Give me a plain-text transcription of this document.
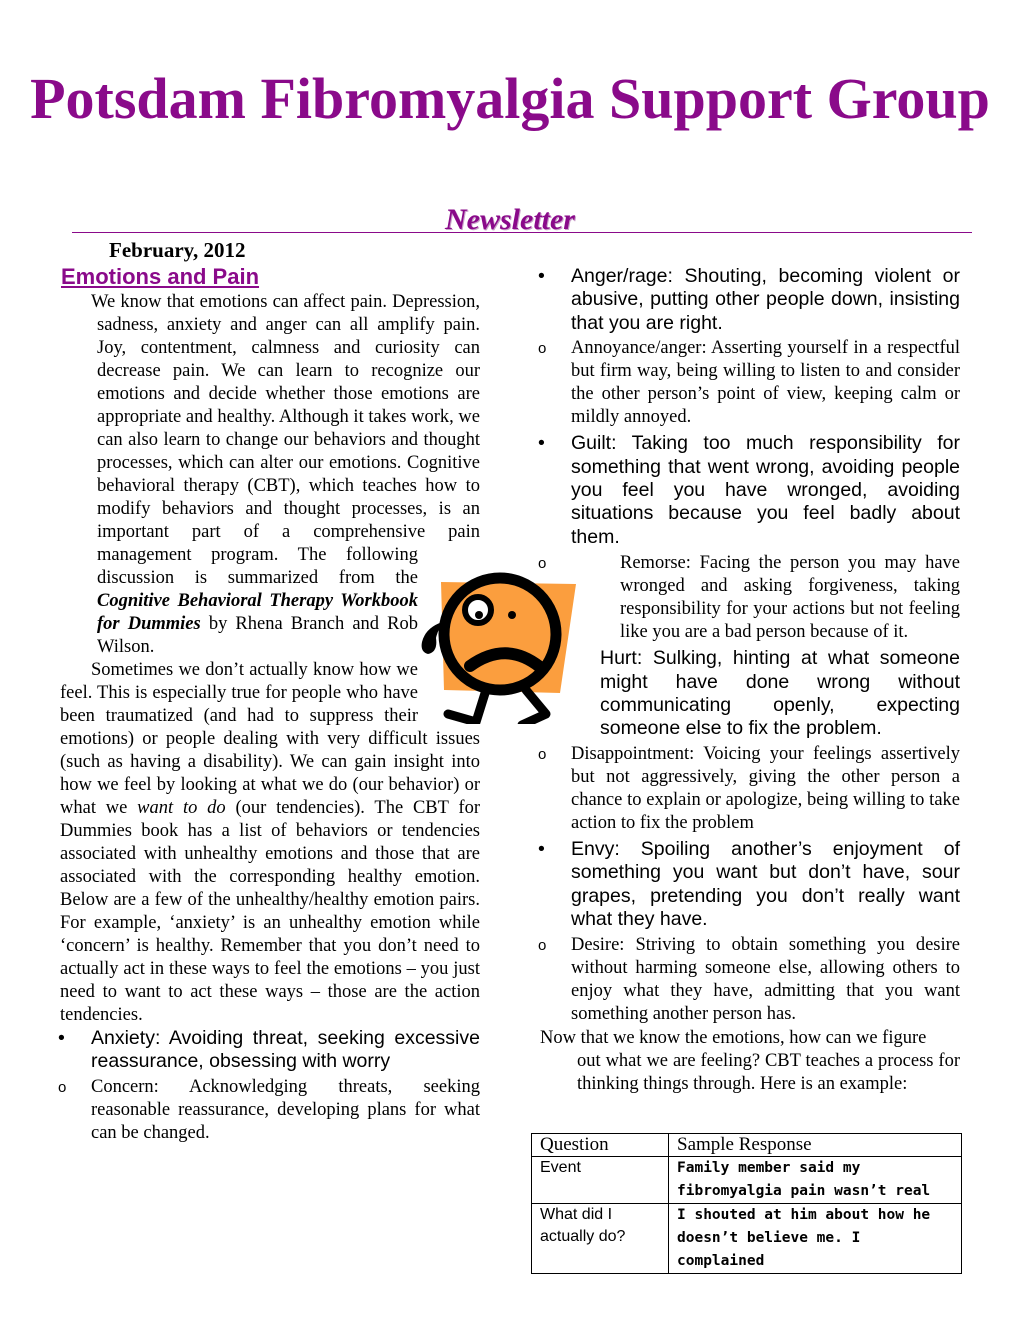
Potsdam Fibromyalgia Support Group
Newsletter
February, 2012
Emotions and Pain

We know that emotions can affect pain. Depression, sadness, anxiety and anger can all amplify pain. Joy, contentment, calmness and curiosity can decrease pain. We can learn to recognize our emotions and decide whether those emotions are appropriate and healthy. Although it takes work, we can also learn to change our behaviors and thought processes, which can alter our emotions. Cognitive behavioral therapy (CBT), which teaches how to modify behaviors and thought processes, is an important part of a comprehensive pain management program. The following discussion is summarized from the Cognitive Behavioral Therapy Workbook for Dummies by Rhena Branch and Rob Wilson.

Sometimes we don’t actually know how we feel. This is especially true for people who have been traumatized (and had to suppress their emotions) or people dealing with very difficult issues (such as having a disability). We can gain insight into how we feel by looking at what we do (our behavior) or what we want to do (our tendencies). The CBT for Dummies book has a list of behaviors or tendencies associated with unhealthy emotions and those that are associated with the corresponding healthy emotion. Below are a few of the unhealthy/healthy emotion pairs. For example, ‘anxiety’ is an unhealthy emotion while ‘concern’ is healthy. Remember that you don’t need to actually act in these ways to feel the emotions – you just need to want to act these ways – those are the action tendencies.

• Anxiety: Avoiding threat, seeking excessive reassurance, obsessing with worry
o Concern: Acknowledging threats, seeking reasonable reassurance, developing plans for what can be changed.
• Anger/rage: Shouting, becoming violent or abusive, putting other people down, insisting that you are right.
o Annoyance/anger: Asserting yourself in a respectful but firm way, being willing to listen to and consider the other person’s point of view, keeping calm or mildly annoyed.
• Guilt: Taking too much responsibility for something that went wrong, avoiding people you feel you have wronged, avoiding situations because you feel badly about them.
o Remorse: Facing the person you may have wronged and asking forgiveness, taking responsibility for your actions but not feeling like you are a bad person because of it.
• Hurt: Sulking, hinting at what someone might have done wrong without communicating openly, expecting someone else to fix the problem.
o Disappointment: Voicing your feelings assertively but not aggressively, giving the other person a chance to explain or apologize, being willing to take action to fix the problem
• Envy: Spoiling another’s enjoyment of something you want but don’t have, sour grapes, pretending you don’t really want what they have.
o Desire: Striving to obtain something you desire without harming someone else, allowing others to enjoy what they have, admitting that you want something another person has.
Now that we know the emotions, how can we figure
out what we are feeling? CBT teaches a process for thinking things through. Here is an example:
Question	Sample Response
Event	Family member said my fibromyalgia pain wasn’t real
What did I actually do?	I shouted at him about how he doesn’t believe me. I complained
